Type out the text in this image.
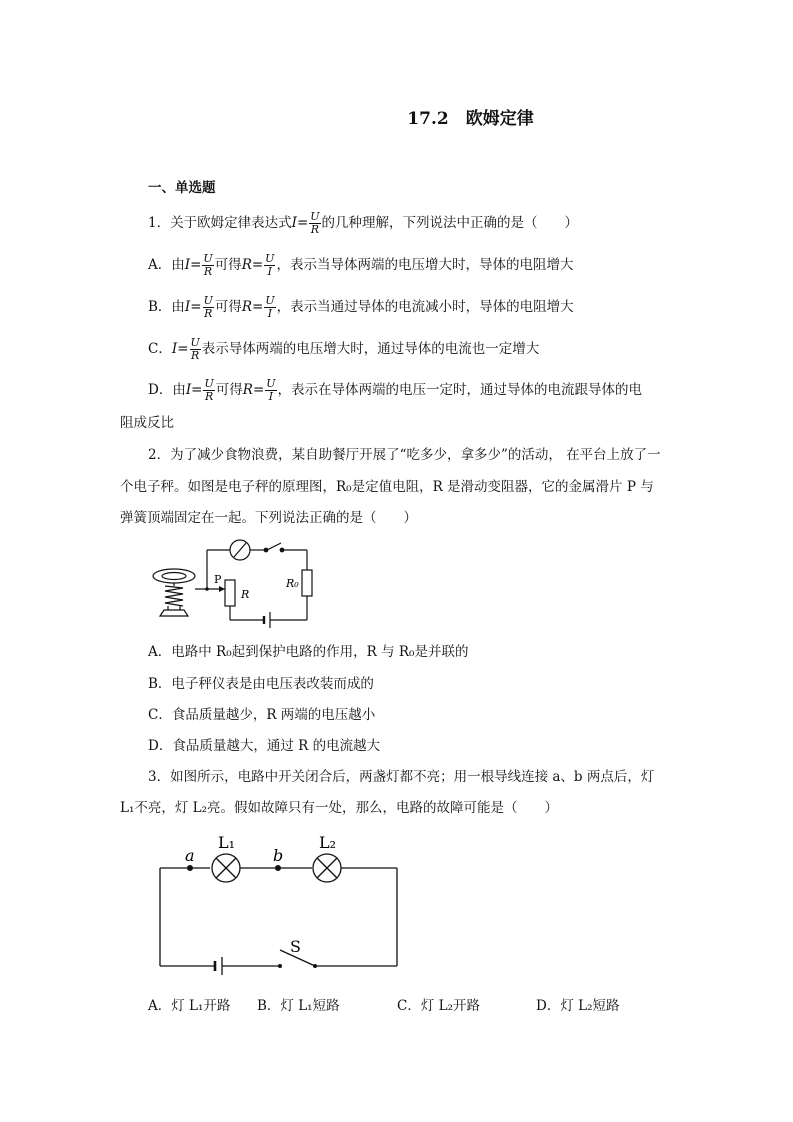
17.2　欧姆定律
一、单选题
1．关于欧姆定律表达式$I= \frac{U}{R}$ 的几种理解，下列说法中正确的是（　　）
A．由$I= \frac{U}{R}$ 可得$R= \frac{U}{I}$ ，表示当导体两端的电压增大时，导体的电阻增大
B．由$I= \frac{U}{R}$ 可得$R= \frac{U}{I}$ ，表示当通过导体的电流减小时，导体的电阻增大
C．$I= \frac{U}{R}$ 表示导体两端的电压增大时，通过导体的电流也一定增大
D．由$I= \frac{U}{R}$ 可得$R= \frac{U}{I}$ ，表示在导体两端的电压一定时，通过导体的电流跟导体的电
阻成反比
2．为了减少食物浪费，某自助餐厅开展了“吃多少，拿多少”的活动， 在平台上放了一
个电子秤。如图是电子秤的原理图，R₀是定值电阻，R 是滑动变阻器，它的金属滑片 P 与
弹簧顶端固定在一起。下列说法正确的是（　　）
P
R
R₀
A．电路中 R₀起到保护电路的作用，R 与 R₀是并联的
B．电子秤仪表是由电压表改装而成的
C．食品质量越少，R 两端的电压越小
D．食品质量越大，通过 R 的电流越大
3．如图所示，电路中开关闭合后，两盏灯都不亮；用一根导线连接 a、b 两点后，灯
L₁不亮，灯 L₂亮。假如故障只有一处，那么，电路的故障可能是（　　）
a	b
L₁	L₂
S
A．灯 L₁开路 B．灯 L₁短路	C．灯 L₂开路	D．灯 L₂短路
